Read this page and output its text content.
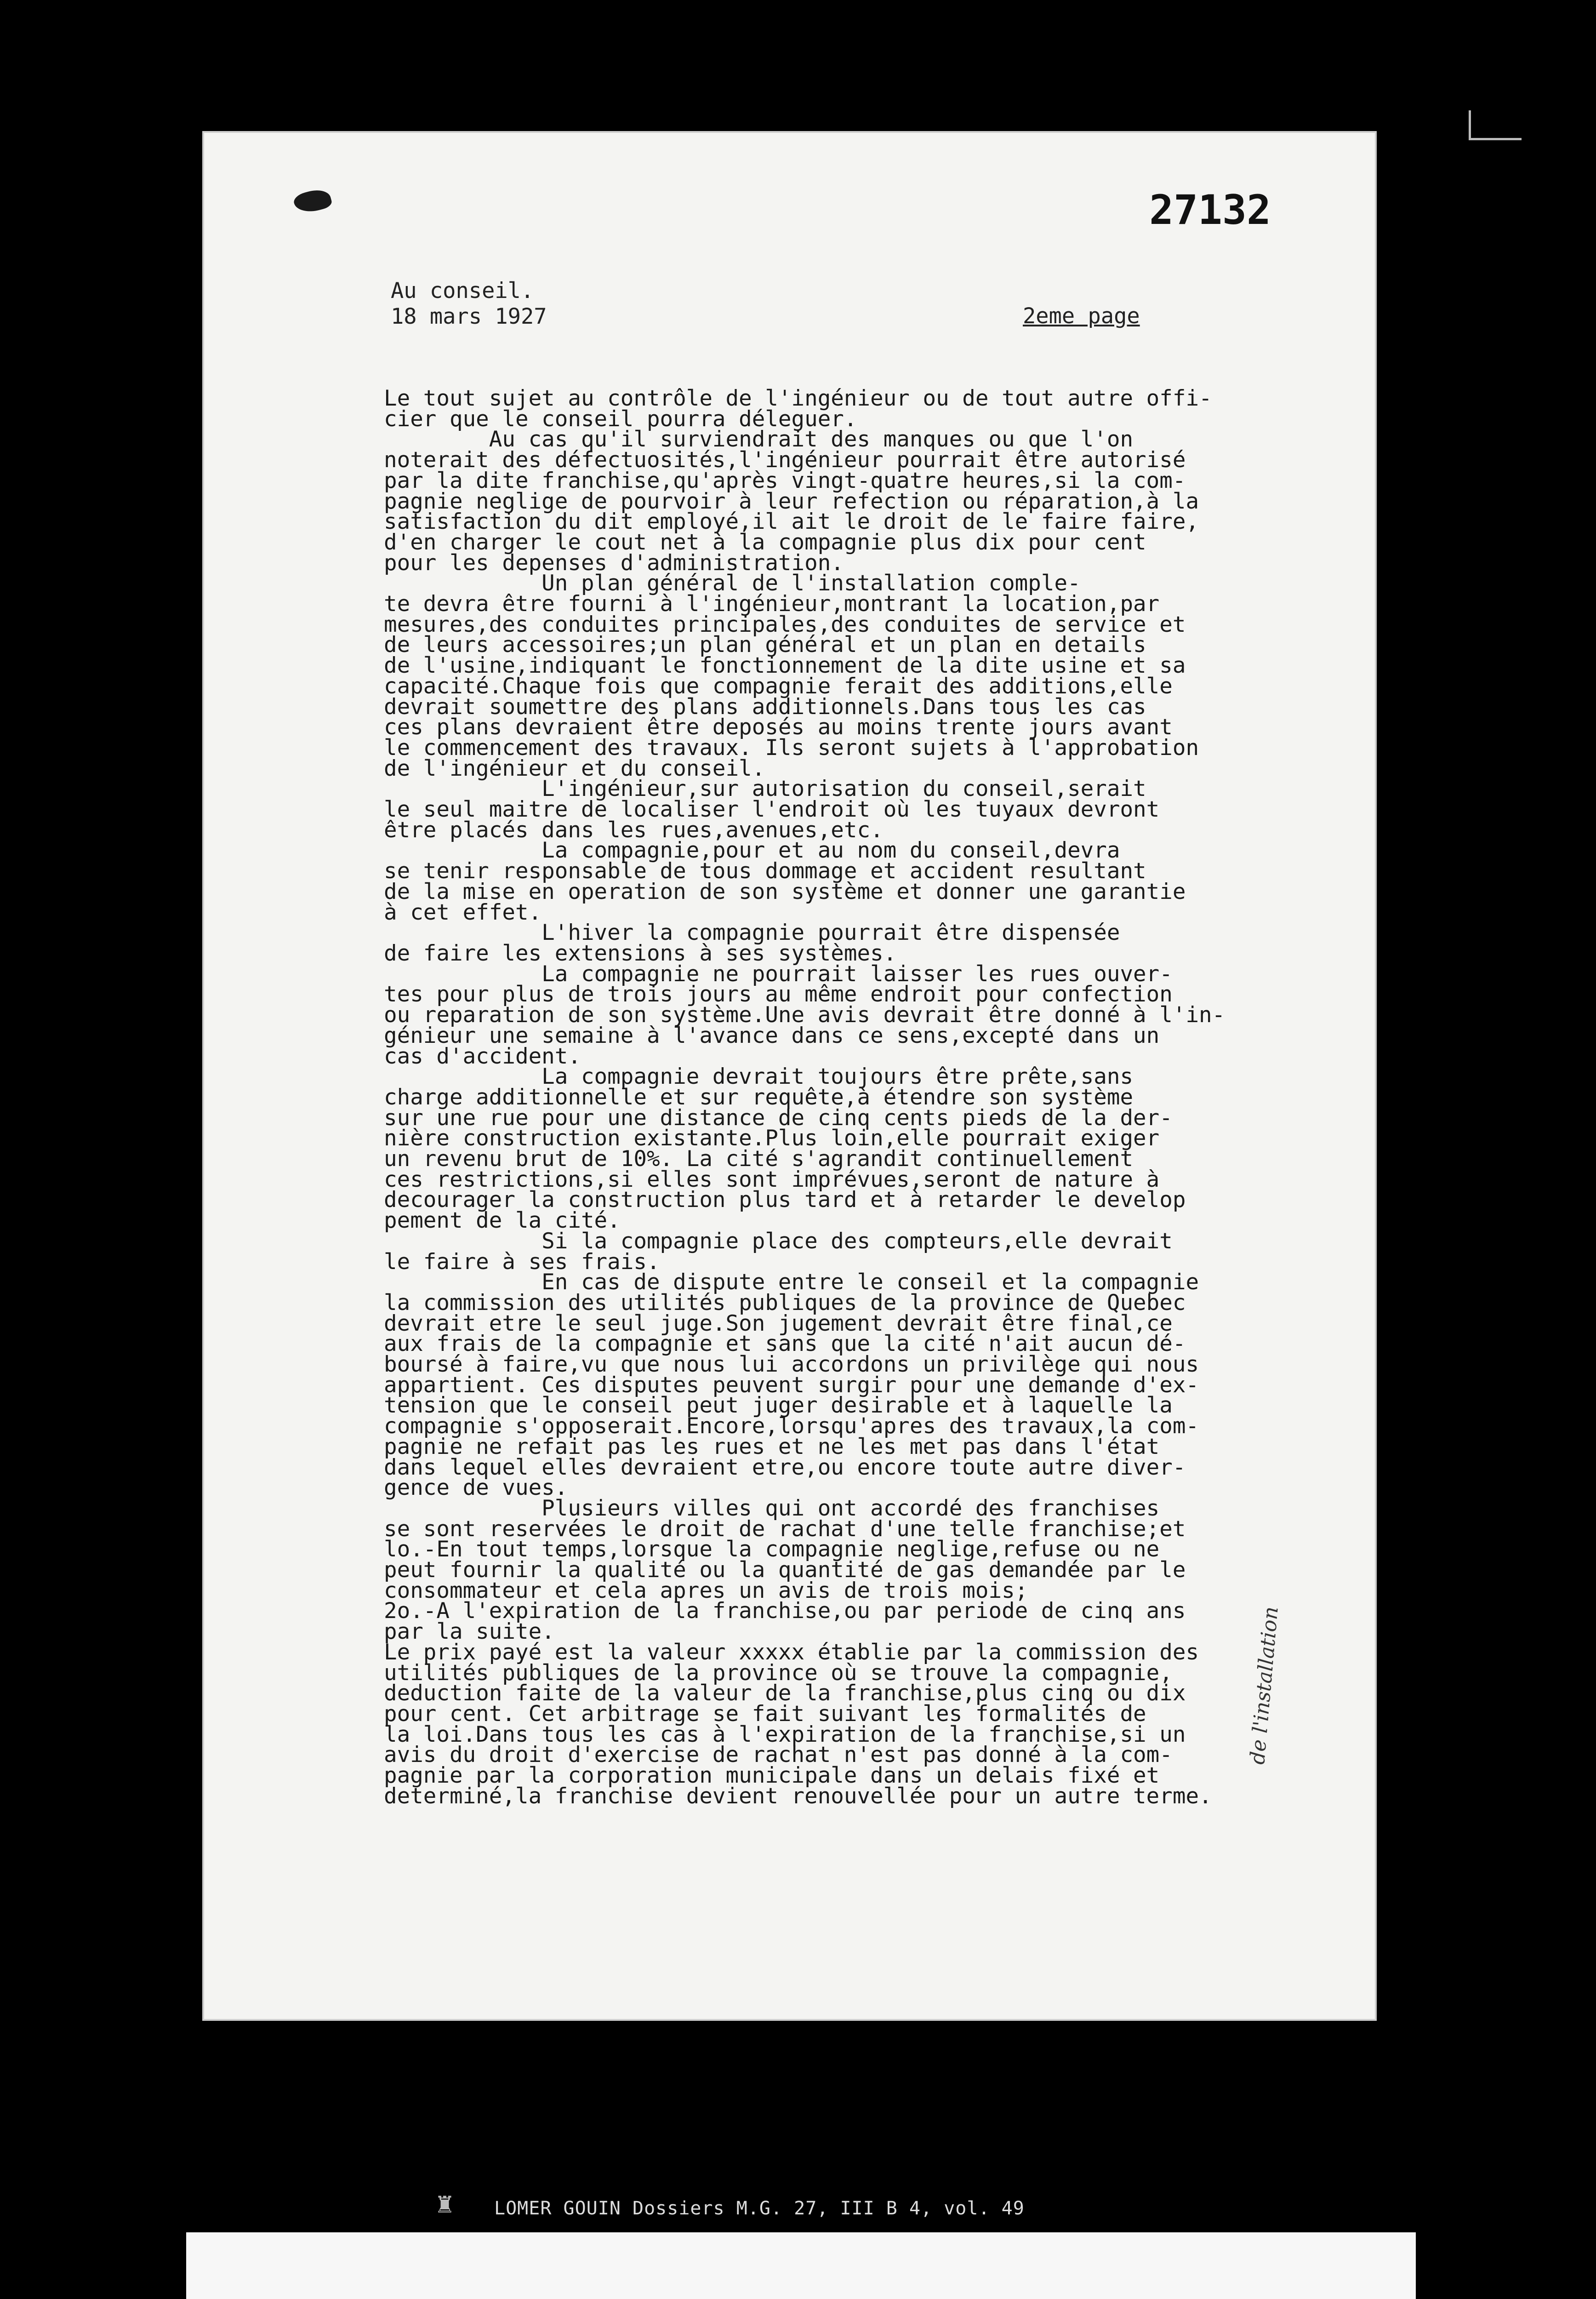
27132
Au conseil.
18 mars 1927	2eme page
Le tout sujet au contrôle de l'ingénieur ou de tout autre offi-
cier que le conseil pourra déleguer.
Au cas qu'il surviendrait des manques ou que l'on
noterait des défectuosités,l'ingénieur pourrait être autorisé
par la dite franchise,qu'après vingt-quatre heures,si la com-
pagnie neglige de pourvoir à leur refection ou réparation,à la
satisfaction du dit employé,il ait le droit de le faire faire,
d'en charger le cout net à la compagnie plus dix pour cent
pour les depenses d'administration.
Un plan général de l'installation comple-
te devra être fourni à l'ingénieur,montrant la location,par
mesures,des conduites principales,des conduites de service et
de leurs accessoires;un plan général et un plan en details
de l'usine,indiquant le fonctionnement de la dite usine et sa
capacité.Chaque fois que compagnie ferait des additions,elle
devrait soumettre des plans additionnels.Dans tous les cas
ces plans devraient être deposés au moins trente jours avant
le commencement des travaux. Ils seront sujets à l'approbation
de l'ingénieur et du conseil.
L'ingénieur,sur autorisation du conseil,serait
le seul maitre de localiser l'endroit où les tuyaux devront
être placés dans les rues,avenues,etc.
La compagnie,pour et au nom du conseil,devra
se tenir responsable de tous dommage et accident resultant
de la mise en operation de son système et donner une garantie
à cet effet.
L'hiver la compagnie pourrait être dispensée
de faire les extensions à ses systèmes.
La compagnie ne pourrait laisser les rues ouver-
tes pour plus de trois jours au même endroit pour confection
ou reparation de son système.Une avis devrait être donné à l'in-
génieur une semaine à l'avance dans ce sens,excepté dans un
cas d'accident.
La compagnie devrait toujours être prête,sans
charge additionnelle et sur requête,à étendre son système
sur une rue pour une distance de cinq cents pieds de la der-
nière construction existante.Plus loin,elle pourrait exiger
un revenu brut de 10%. La cité s'agrandit continuellement
ces restrictions,si elles sont imprévues,seront de nature à
decourager la construction plus tard et à retarder le develop
pement de la cité.
Si la compagnie place des compteurs,elle devrait
le faire à ses frais.
En cas de dispute entre le conseil et la compagnie
la commission des utilités publiques de la province de Quebec
devrait etre le seul juge.Son jugement devrait être final,ce
aux frais de la compagnie et sans que la cité n'ait aucun dé-
boursé à faire,vu que nous lui accordons un privilège qui nous
appartient. Ces disputes peuvent surgir pour une demande d'ex-
tension que le conseil peut juger desirable et à laquelle la
compagnie s'opposerait.Encore,lorsqu'apres des travaux,la com-
pagnie ne refait pas les rues et ne les met pas dans l'état
dans lequel elles devraient etre,ou encore toute autre diver-
gence de vues.
Plusieurs villes qui ont accordé des franchises
se sont reservées le droit de rachat d'une telle franchise;et
lo.-En tout temps,lorsque la compagnie neglige,refuse ou ne
peut fournir la qualité ou la quantité de gas demandée par le
consommateur et cela apres un avis de trois mois;
2o.-A l'expiration de la franchise,ou par periode de cinq ans
par la suite.
Le prix payé est la valeur xxxxx établie par la commission des
utilités publiques de la province où se trouve la compagnie,
deduction faite de la valeur de la franchise,plus cinq ou dix
pour cent. Cet arbitrage se fait suivant les formalités de
la loi.Dans tous les cas à l'expiration de la franchise,si un
avis du droit d'exercise de rachat n'est pas donné à la com-
pagnie par la corporation municipale dans un delais fixé et
determiné,la franchise devient renouvellée pour un autre terme.
de l'installation
♜ LOMER GOUIN Dossiers M.G. 27, III B 4, vol. 49
